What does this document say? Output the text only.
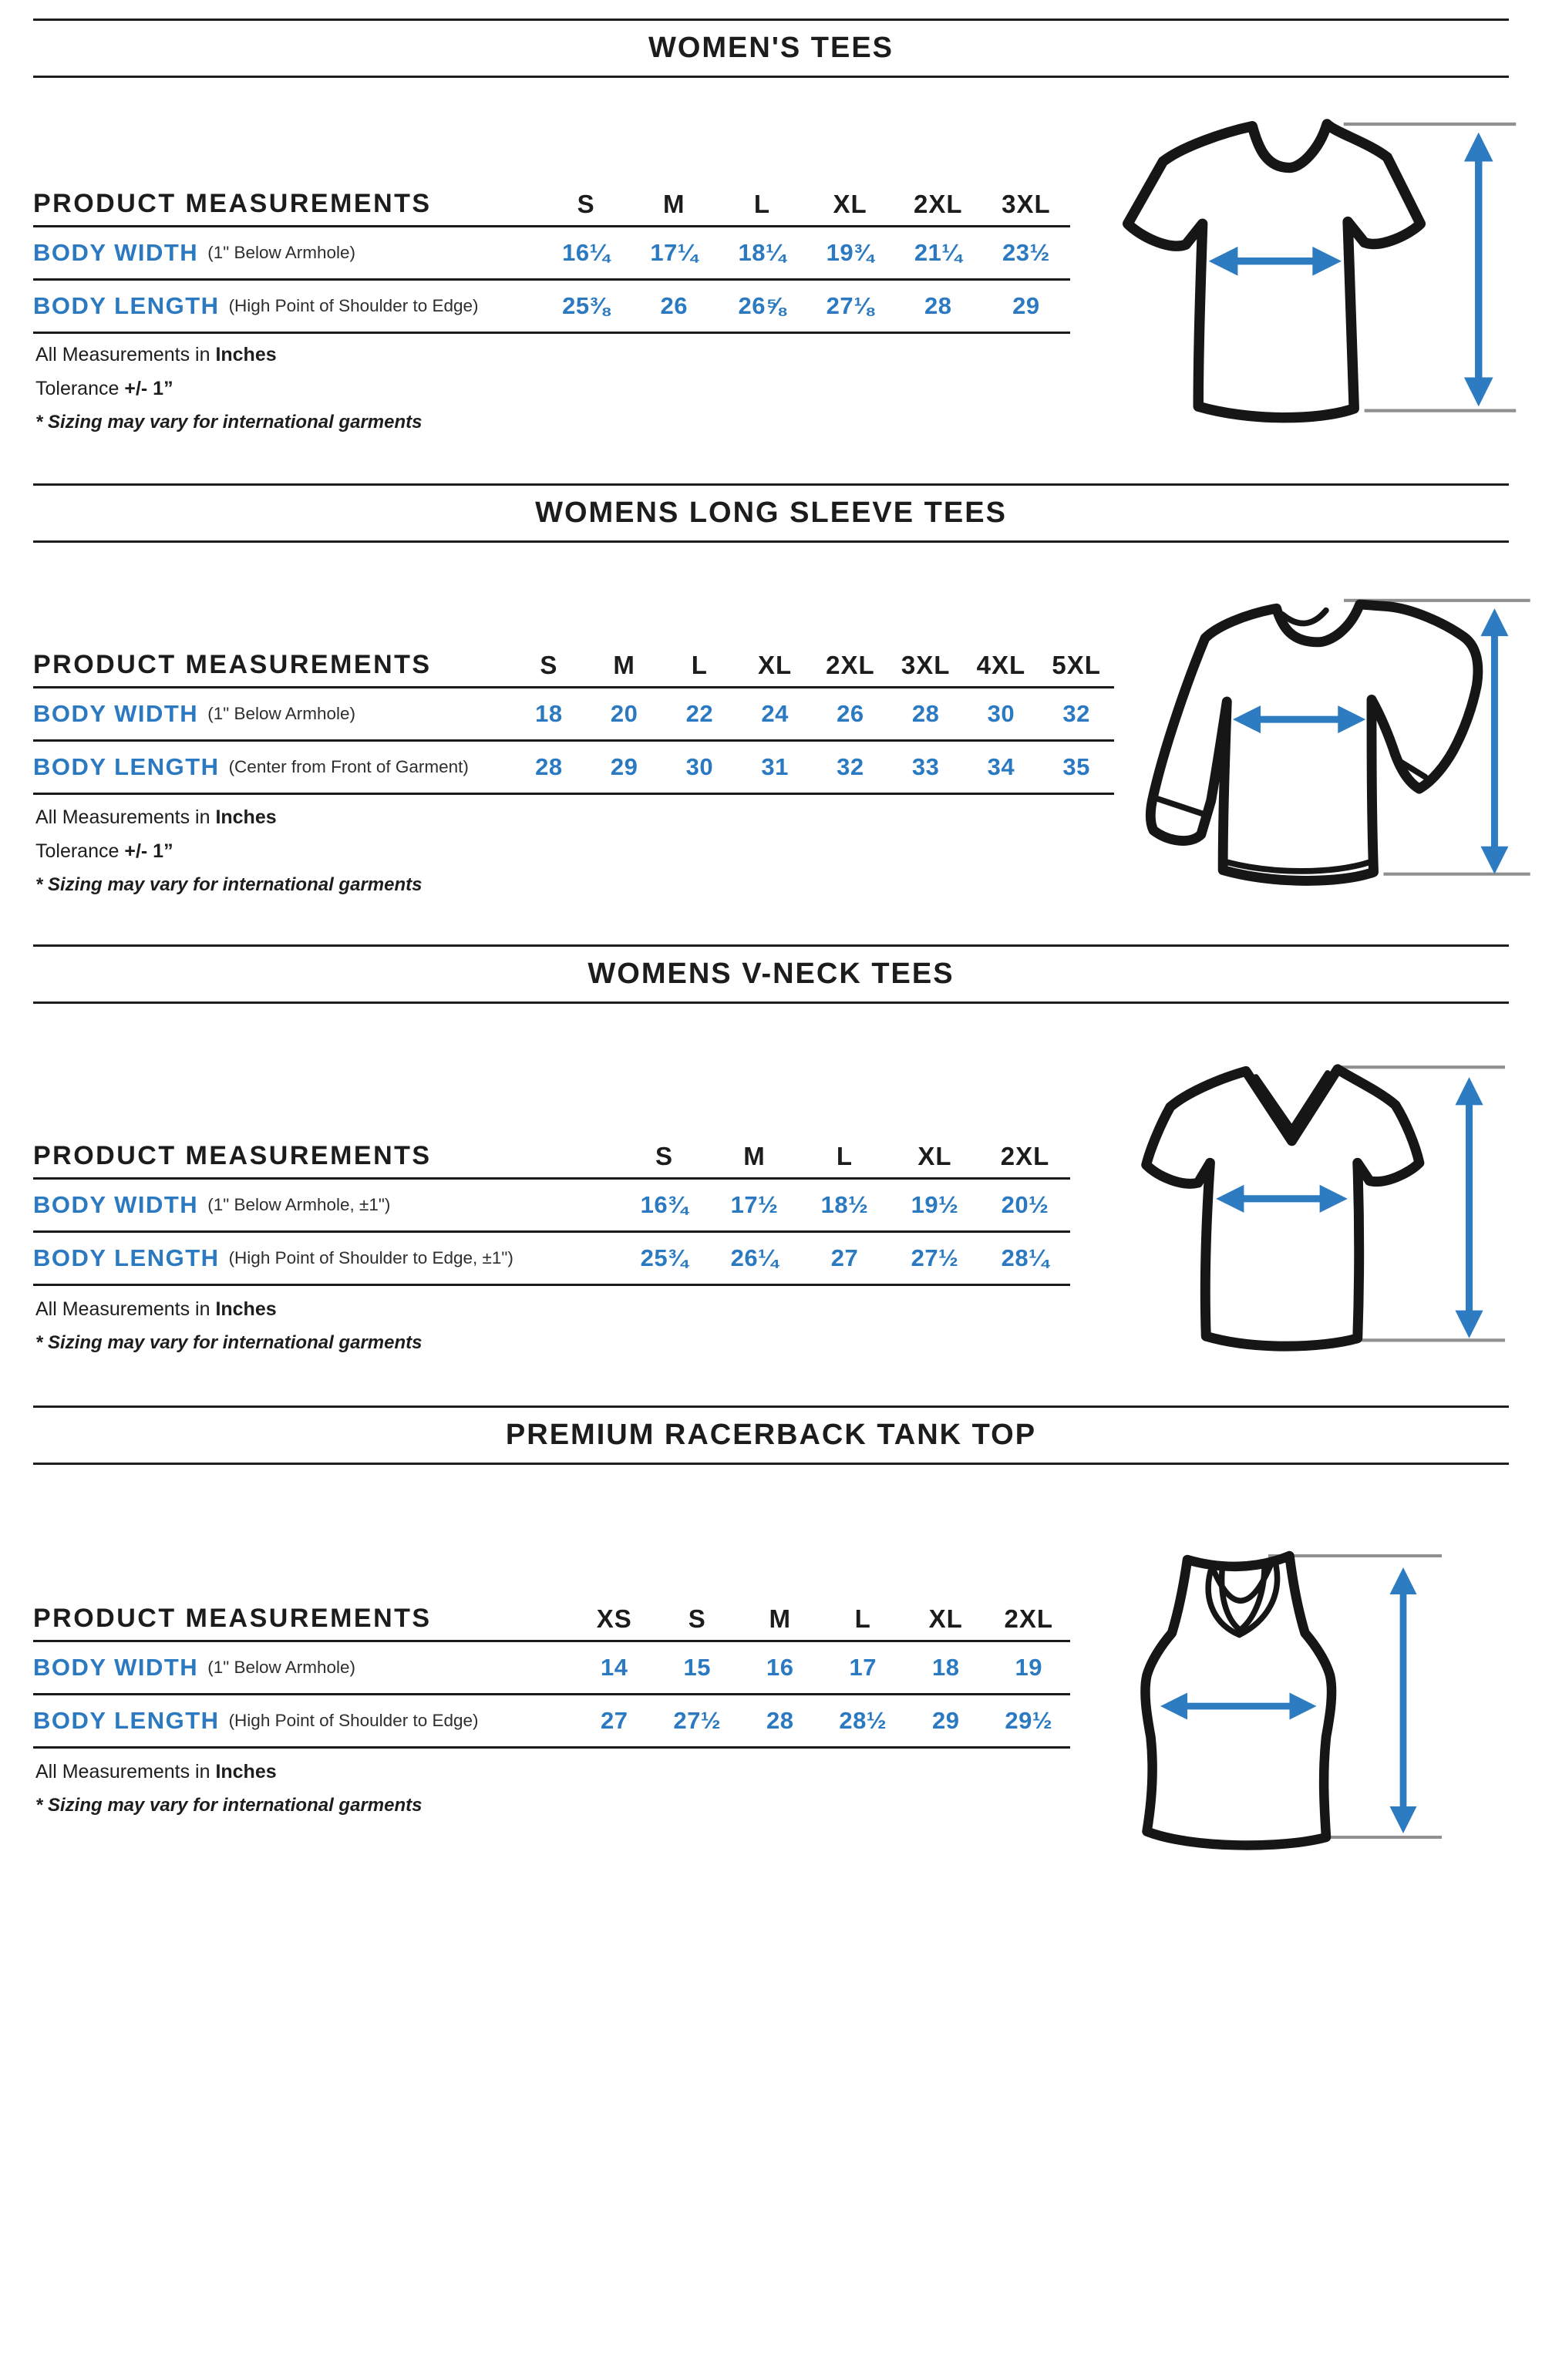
WOMEN'S TEES
PRODUCT MEASUREMENTS	S	M	L	XL	2XL	3XL
BODY WIDTH (1" Below Armhole)	16¼	17¼	18¼	19¾	21¼	23½
BODY LENGTH (High Point of Shoulder to Edge)	25⅜	26	26⅝	27⅛	28	29

All Measurements in Inches

Tolerance +/- 1”

* Sizing may vary for international garments

WOMENS LONG SLEEVE TEES
PRODUCT MEASUREMENTS	S	M	L	XL	2XL	3XL	4XL	5XL
BODY WIDTH (1" Below Armhole)	18	20	22	24	26	28	30	32
BODY LENGTH (Center from Front of Garment)	28	29	30	31	32	33	34	35

All Measurements in Inches

Tolerance +/- 1”

* Sizing may vary for international garments

WOMENS V-NECK TEES
PRODUCT MEASUREMENTS	S	M	L	XL	2XL
BODY WIDTH (1" Below Armhole, ±1")	16¾	17½	18½	19½	20½
BODY LENGTH (High Point of Shoulder to Edge, ±1")	25¾	26¼	27	27½	28¼

All Measurements in Inches

* Sizing may vary for international garments

PREMIUM RACERBACK TANK TOP
PRODUCT MEASUREMENTS	XS	S	M	L	XL	2XL
BODY WIDTH (1" Below Armhole)	14	15	16	17	18	19
BODY LENGTH (High Point of Shoulder to Edge)	27	27½	28	28½	29	29½

All Measurements in Inches

* Sizing may vary for international garments
